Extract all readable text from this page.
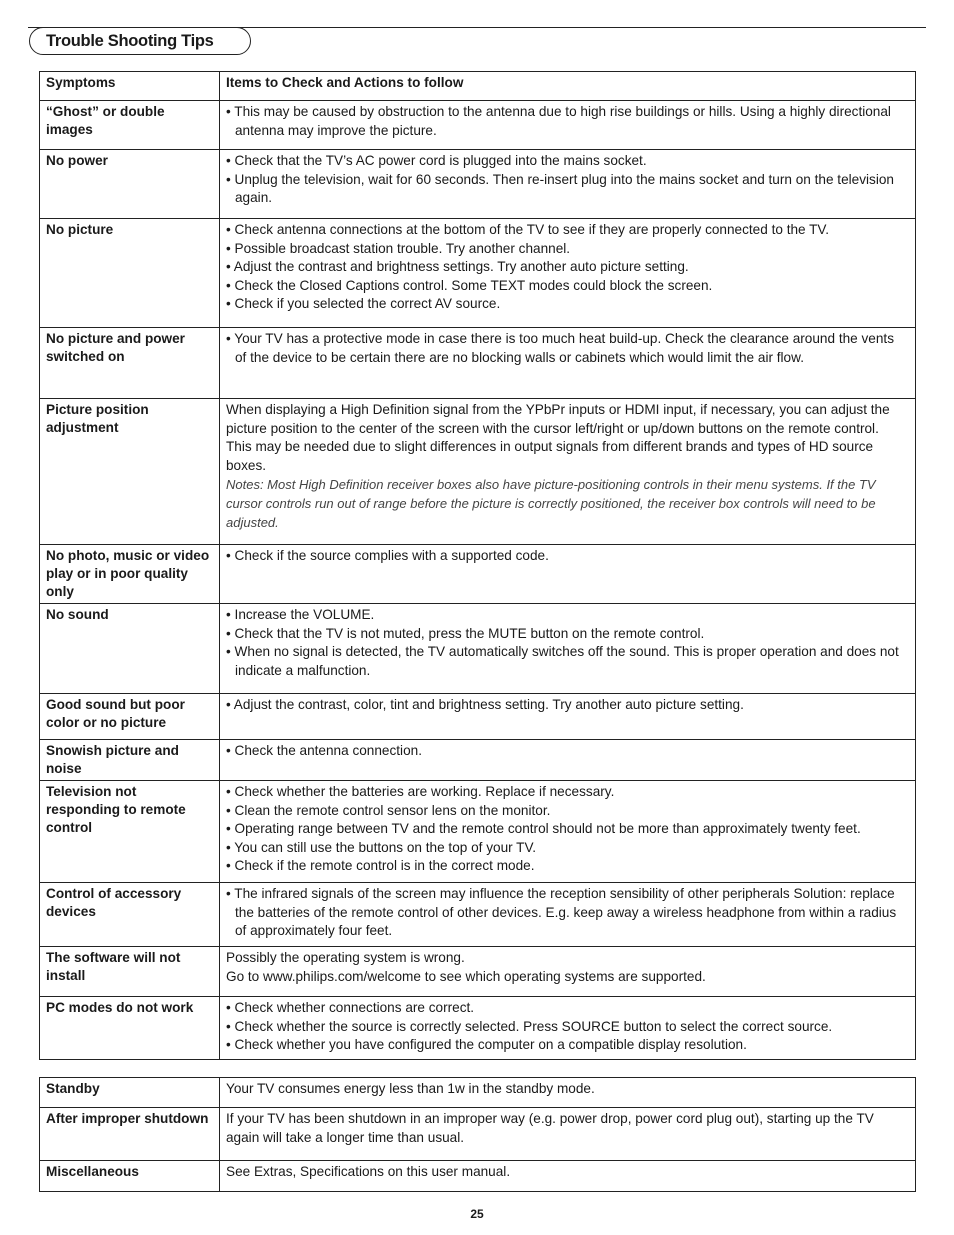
Trouble Shooting Tips
Symptoms	Items to Check and Actions to follow
“Ghost” or double images	• This may be caused by obstruction to the antenna due to high rise buildings or hills. Using a highly directional antenna may improve the picture.

No power	• Check that the TV’s AC power cord is plugged into the mains socket.
• Unplug the television, wait for 60 seconds. Then re-insert plug into the mains socket and turn on the television again.

No picture	• Check antenna connections at the bottom of the TV to see if they are properly connected to the TV.
• Possible broadcast station trouble. Try another channel.
• Adjust the contrast and brightness settings. Try another auto picture setting.
• Check the Closed Captions control. Some TEXT modes could block the screen.
• Check if you selected the correct AV source.

No picture and power switched on	• Your TV has a protective mode in case there is too much heat build-up. Check the clearance around the vents of the device to be certain there are no blocking walls or cabinets which would limit the air flow.

Picture position adjustment	When displaying a High Definition signal from the YPbPr inputs or HDMI input, if necessary, you can adjust the picture position to the center of the screen with the cursor left/right or up/down buttons on the remote control. This may be needed due to slight differences in output signals from different brands and types of HD source boxes.
Notes: Most High Definition receiver boxes also have picture-positioning controls in their menu systems. If the TV cursor controls run out of range before the picture is correctly positioned, the receiver box controls will need to be adjusted.

No photo, music or video play or in poor quality only	• Check if the source complies with a supported code.

No sound	• Increase the VOLUME.
• Check that the TV is not muted, press the MUTE button on the remote control.
• When no signal is detected, the TV automatically switches off the sound. This is proper operation and does not indicate a malfunction.

Good sound but poor color or no picture	• Adjust the contrast, color, tint and brightness setting. Try another auto picture setting.

Snowish picture and noise	• Check the antenna connection.

Television not responding to remote control	• Check whether the batteries are working. Replace if necessary.
• Clean the remote control sensor lens on the monitor.
• Operating range between TV and the remote control should not be more than approximately twenty feet.
• You can still use the buttons on the top of your TV.
• Check if the remote control is in the correct mode.

Control of accessory devices	• The infrared signals of the screen may influence the reception sensibility of other peripherals Solution: replace the batteries of the remote control of other devices. E.g. keep away a wireless headphone from within a radius of approximately four feet.

The software will not install	Possibly the operating system is wrong.
Go to www.philips.com/welcome to see which operating systems are supported.

PC modes do not work	• Check whether connections are correct.
• Check whether the source is correctly selected. Press SOURCE button to select the correct source.
• Check whether you have configured the computer on a compatible display resolution.
Standby	Your TV consumes energy less than 1w in the standby mode.

After improper shutdown	If your TV has been shutdown in an improper way (e.g. power drop, power cord plug out), starting up the TV again will take a longer time than usual.

Miscellaneous	See Extras, Specifications on this user manual.
25
